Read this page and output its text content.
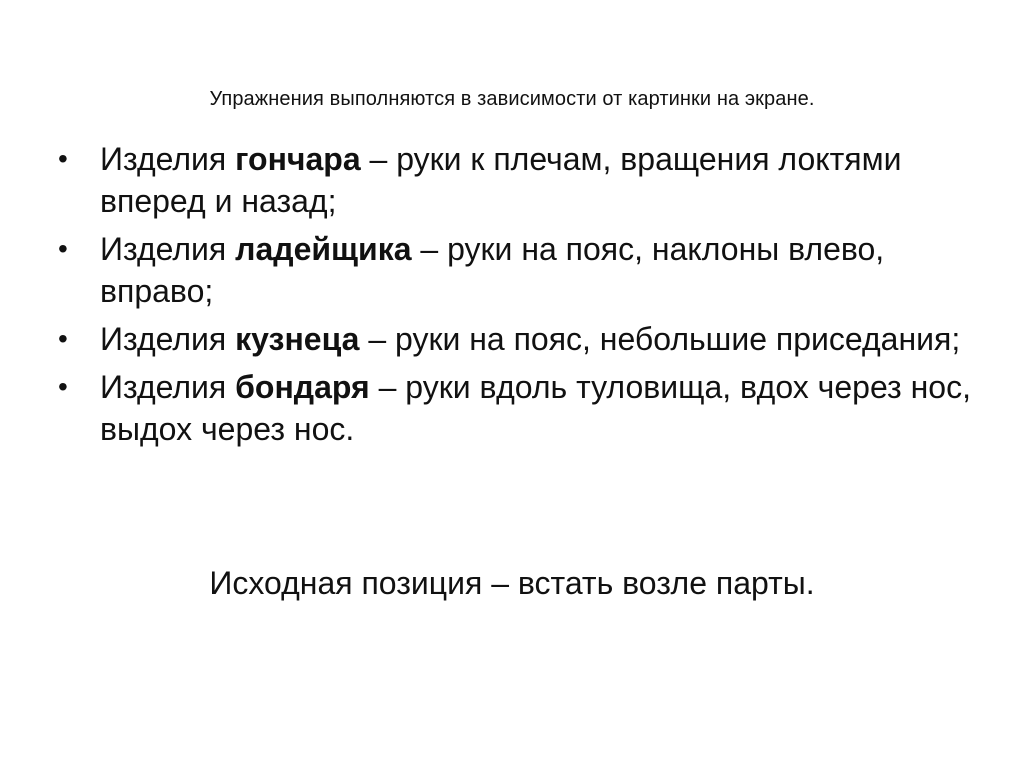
Упражнения выполняются в зависимости от картинки на экране.
• Изделия гончара – руки к плечам, вращения локтями вперед и назад;
• Изделия ладейщика – руки на пояс, наклоны влево, вправо;
• Изделия кузнеца – руки на пояс, небольшие приседания;
• Изделия бондаря – руки вдоль туловища, вдох через нос, выдох через нос.
Исходная позиция – встать возле парты.
